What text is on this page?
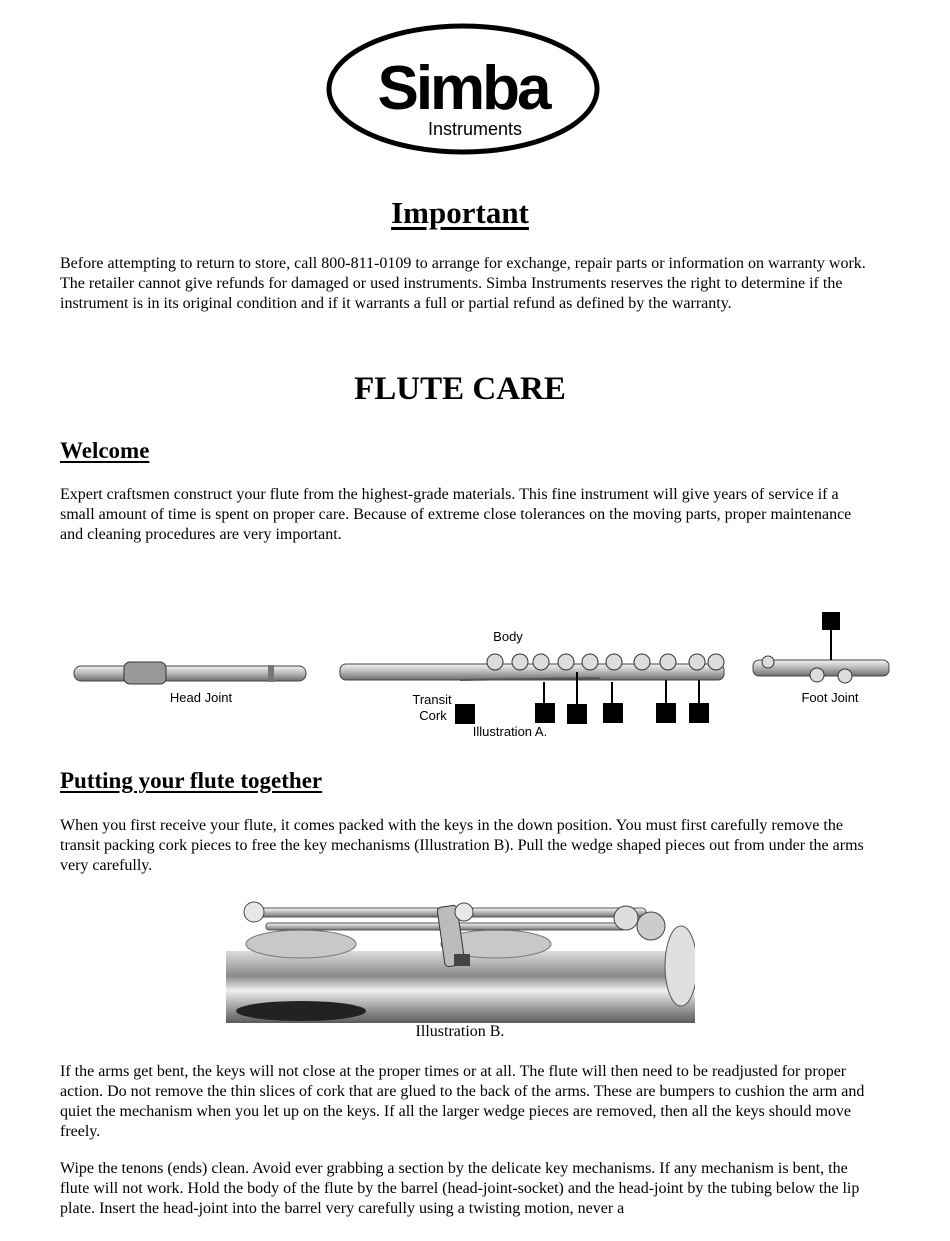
Simba
Instruments
Important
Before attempting to return to store, call 800-811-0109 to arrange for exchange, repair parts or information on warranty work. The retailer cannot give refunds for damaged or used instruments. Simba Instruments reserves the right to determine if the instrument is in its original condition and if it warrants a full or partial refund as defined by the warranty.
FLUTE CARE
Welcome
Expert craftsmen construct your flute from the highest-grade materials. This fine instrument will give years of service if a small amount of time is spent on proper care. Because of extreme close tolerances on the moving parts, proper maintenance and cleaning procedures are very important.
Head Joint
Body
Transit
Cork
Foot Joint
Illustration A.
Putting your flute together
When you first receive your flute, it comes packed with the keys in the down position. You must first carefully remove the transit packing cork pieces to free the key mechanisms (Illustration B). Pull the wedge shaped pieces out from under the arms very carefully.
Illustration B.
If the arms get bent, the keys will not close at the proper times or at all. The flute will then need to be readjusted for proper action. Do not remove the thin slices of cork that are glued to the back of the arms. These are bumpers to cushion the arm and quiet the mechanism when you let up on the keys. If all the larger wedge pieces are removed, then all the keys should move freely.
Wipe the tenons (ends) clean. Avoid ever grabbing a section by the delicate key mechanisms. If any mechanism is bent, the flute will not work. Hold the body of the flute by the barrel (head-joint-socket) and the head-joint by the tubing below the lip plate. Insert the head-joint into the barrel very carefully using a twisting motion, never a
